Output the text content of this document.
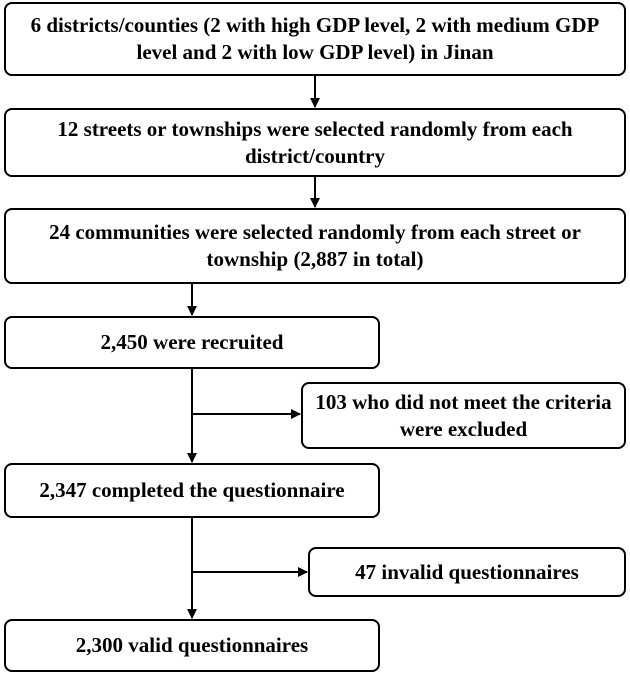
6 districts/counties (2 with high GDP level, 2 with medium GDP level and 2 with low GDP level) in Jinan
12 streets or townships were selected randomly from each district/country
24 communities were selected randomly from each street or township (2,887 in total)
2,450 were recruited
103 who did not meet the criteria were excluded
2,347 completed the questionnaire
47 invalid questionnaires
2,300 valid questionnaires
